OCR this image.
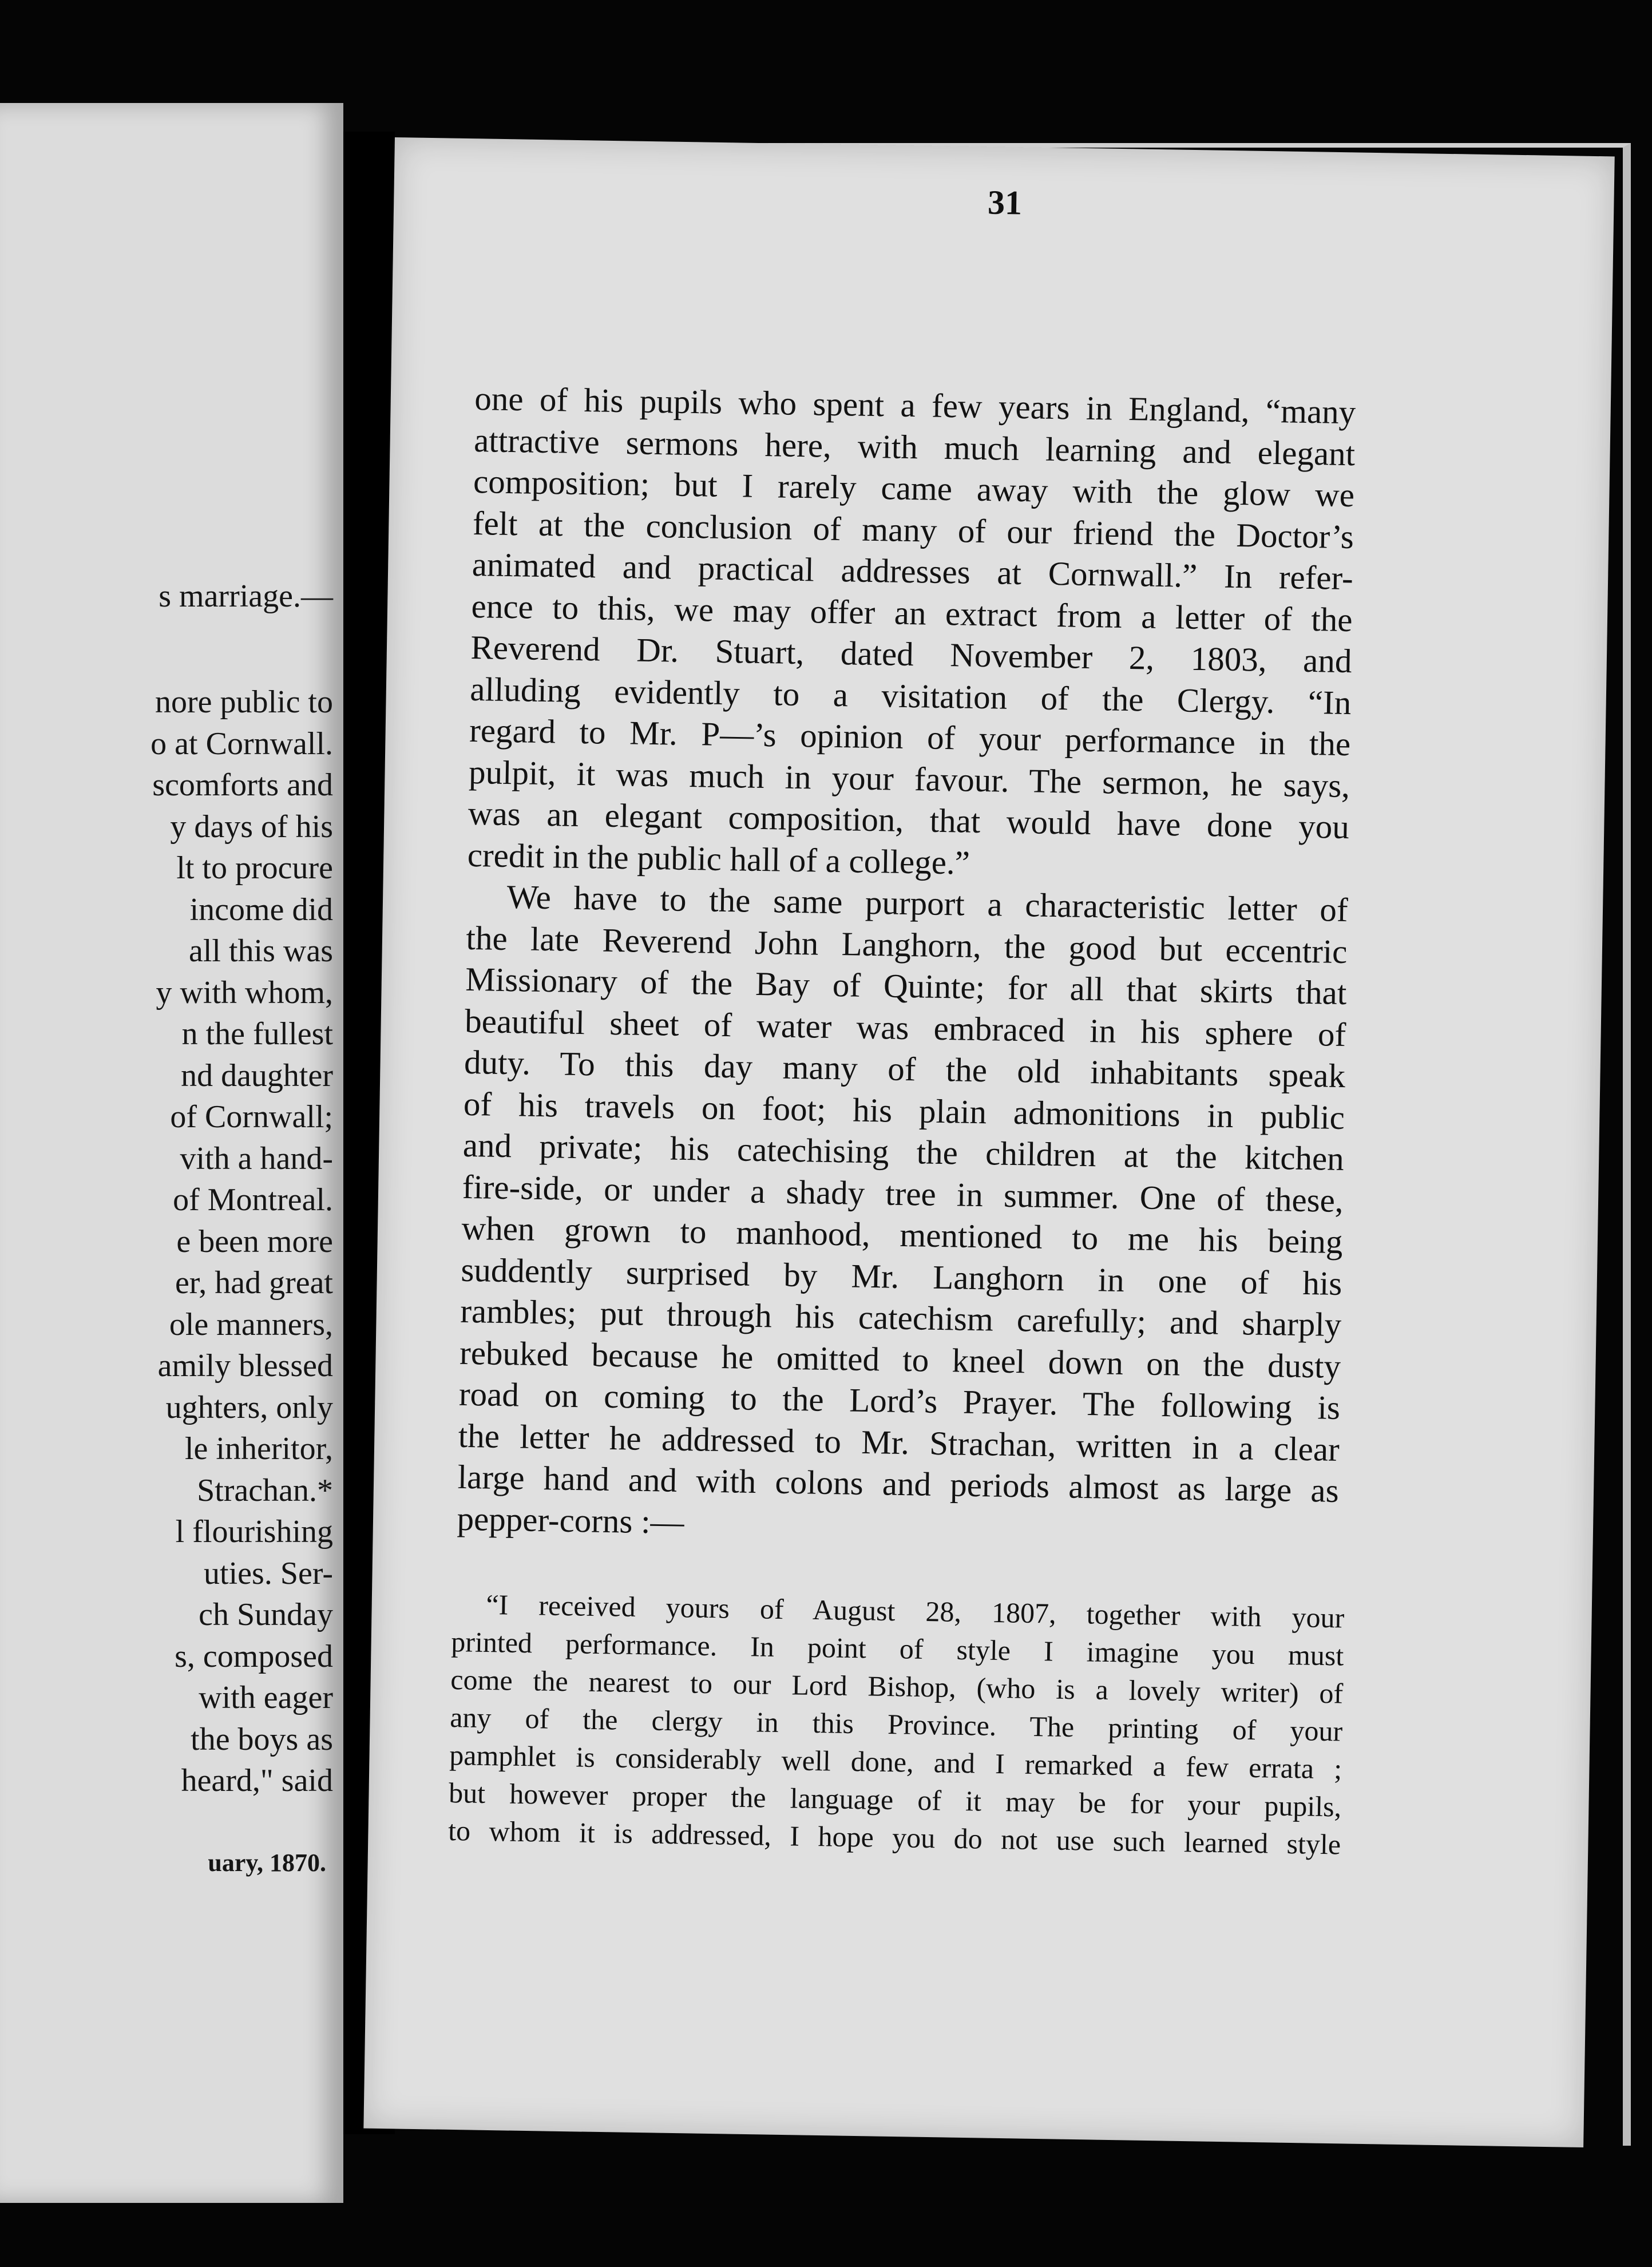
s marriage.—
nore public to
o at Cornwall.
scomforts and
y days of his
lt to procure
income did
all this was
y with whom,
n the fullest
nd daughter
of Cornwall;
vith a hand-
of Montreal.
e been more
er, had great
ole manners,
amily blessed
ughters, only
le inheritor,
Strachan.*
l flourishing
uties. Ser-
ch Sunday
s, composed
with eager
the boys as
heard," said
uary, 1870.
31
one of his pupils who spent a few years in England, “many
attractive sermons here, with much learning and elegant
composition; but I rarely came away with the glow we
felt at the conclusion of many of our friend the Doctor’s
animated and practical addresses at Cornwall.” In refer-
ence to this, we may offer an extract from a letter of the
Reverend Dr. Stuart, dated November 2, 1803, and
alluding evidently to a visitation of the Clergy. “In
regard to Mr. P—’s opinion of your performance in the
pulpit, it was much in your favour. The sermon, he says,
was an elegant composition, that would have done you
credit in the public hall of a college.”
We have to the same purport a characteristic letter of
the late Reverend John Langhorn, the good but eccentric
Missionary of the Bay of Quinte; for all that skirts that
beautiful sheet of water was embraced in his sphere of
duty. To this day many of the old inhabitants speak
of his travels on foot; his plain admonitions in public
and private; his catechising the children at the kitchen
fire-side, or under a shady tree in summer. One of these,
when grown to manhood, mentioned to me his being
suddently surprised by Mr. Langhorn in one of his
rambles; put through his catechism carefully; and sharply
rebuked because he omitted to kneel down on the dusty
road on coming to the Lord’s Prayer. The following is
the letter he addressed to Mr. Strachan, written in a clear
large hand and with colons and periods almost as large as
pepper-corns :—
“I received yours of August 28, 1807, together with your
printed performance. In point of style I imagine you must
come the nearest to our Lord Bishop, (who is a lovely writer) of
any of the clergy in this Province. The printing of your
pamphlet is considerably well done, and I remarked a few errata ;
but however proper the language of it may be for your pupils,
to whom it is addressed, I hope you do not use such learned style
